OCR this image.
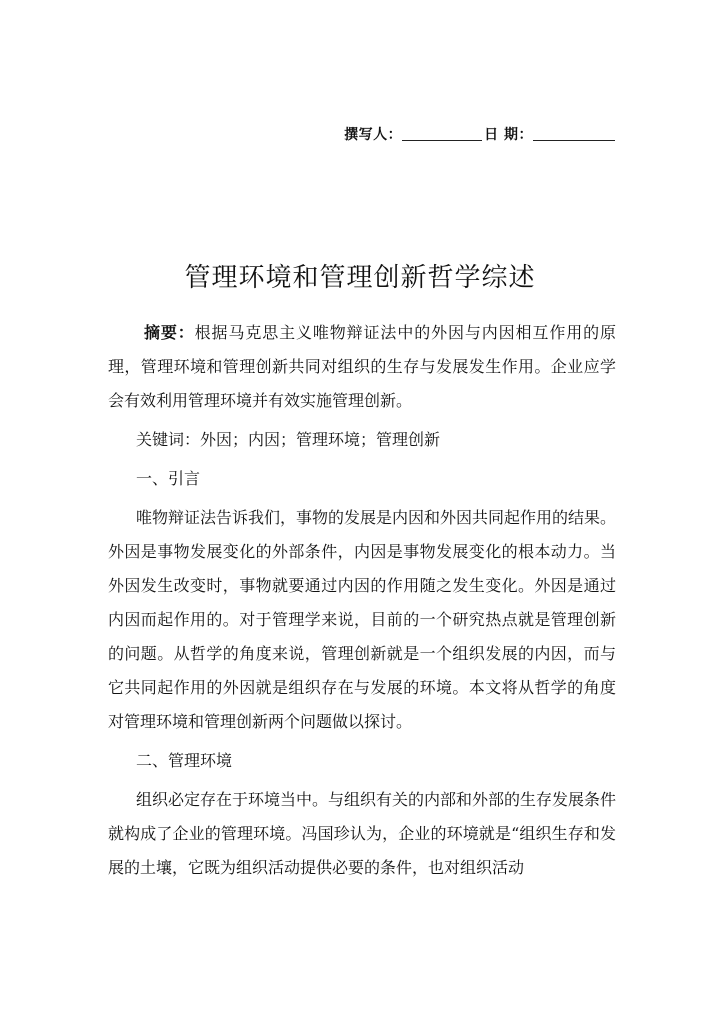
撰写人：	日 期：
管理环境和管理创新哲学综述

摘要：根据马克思主义唯物辩证法中的外因与内因相互作用的原理，管理环境和管理创新共同对组织的生存与发展发生作用。企业应学会有效利用管理环境并有效实施管理创新。

关键词：外因；内因；管理环境；管理创新

一、引言

唯物辩证法告诉我们，事物的发展是内因和外因共同起作用的结果。外因是事物发展变化的外部条件，内因是事物发展变化的根本动力。当外因发生改变时，事物就要通过内因的作用随之发生变化。外因是通过内因而起作用的。对于管理学来说，目前的一个研究热点就是管理创新的问题。从哲学的角度来说，管理创新就是一个组织发展的内因，而与它共同起作用的外因就是组织存在与发展的环境。本文将从哲学的角度对管理环境和管理创新两个问题做以探讨。

二、管理环境

组织必定存在于环境当中。与组织有关的内部和外部的生存发展条件就构成了企业的管理环境。冯国珍认为，企业的环境就是“组织生存和发展的土壤，它既为组织活动提供必要的条件，也对组织活动
